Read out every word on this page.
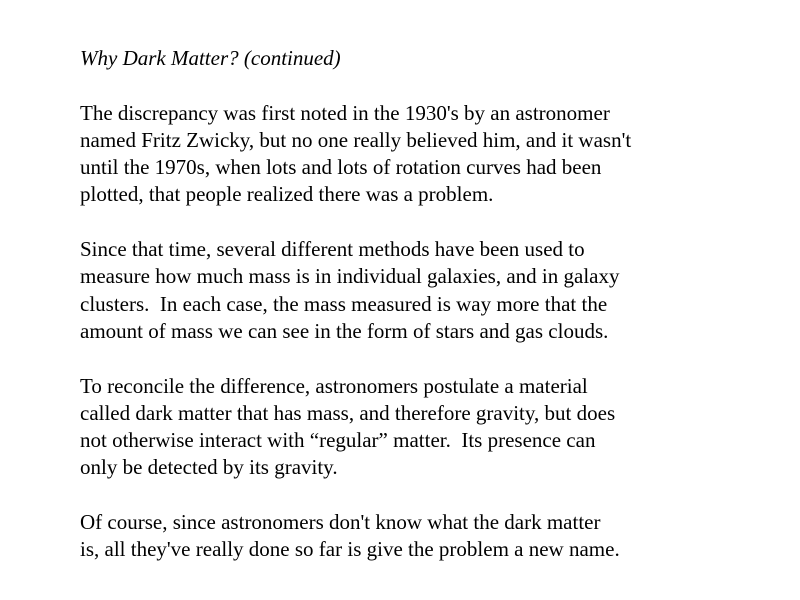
Why Dark Matter? (continued)

The discrepancy was first noted in the 1930's by an astronomer
named Fritz Zwicky, but no one really believed him, and it wasn't
until the 1970s, when lots and lots of rotation curves had been
plotted, that people realized there was a problem.

Since that time, several different methods have been used to
measure how much mass is in individual galaxies, and in galaxy
clusters.  In each case, the mass measured is way more that the
amount of mass we can see in the form of stars and gas clouds.

To reconcile the difference, astronomers postulate a material
called dark matter that has mass, and therefore gravity, but does
not otherwise interact with “regular” matter.  Its presence can
only be detected by its gravity.

Of course, since astronomers don't know what the dark matter
is, all they've really done so far is give the problem a new name.
